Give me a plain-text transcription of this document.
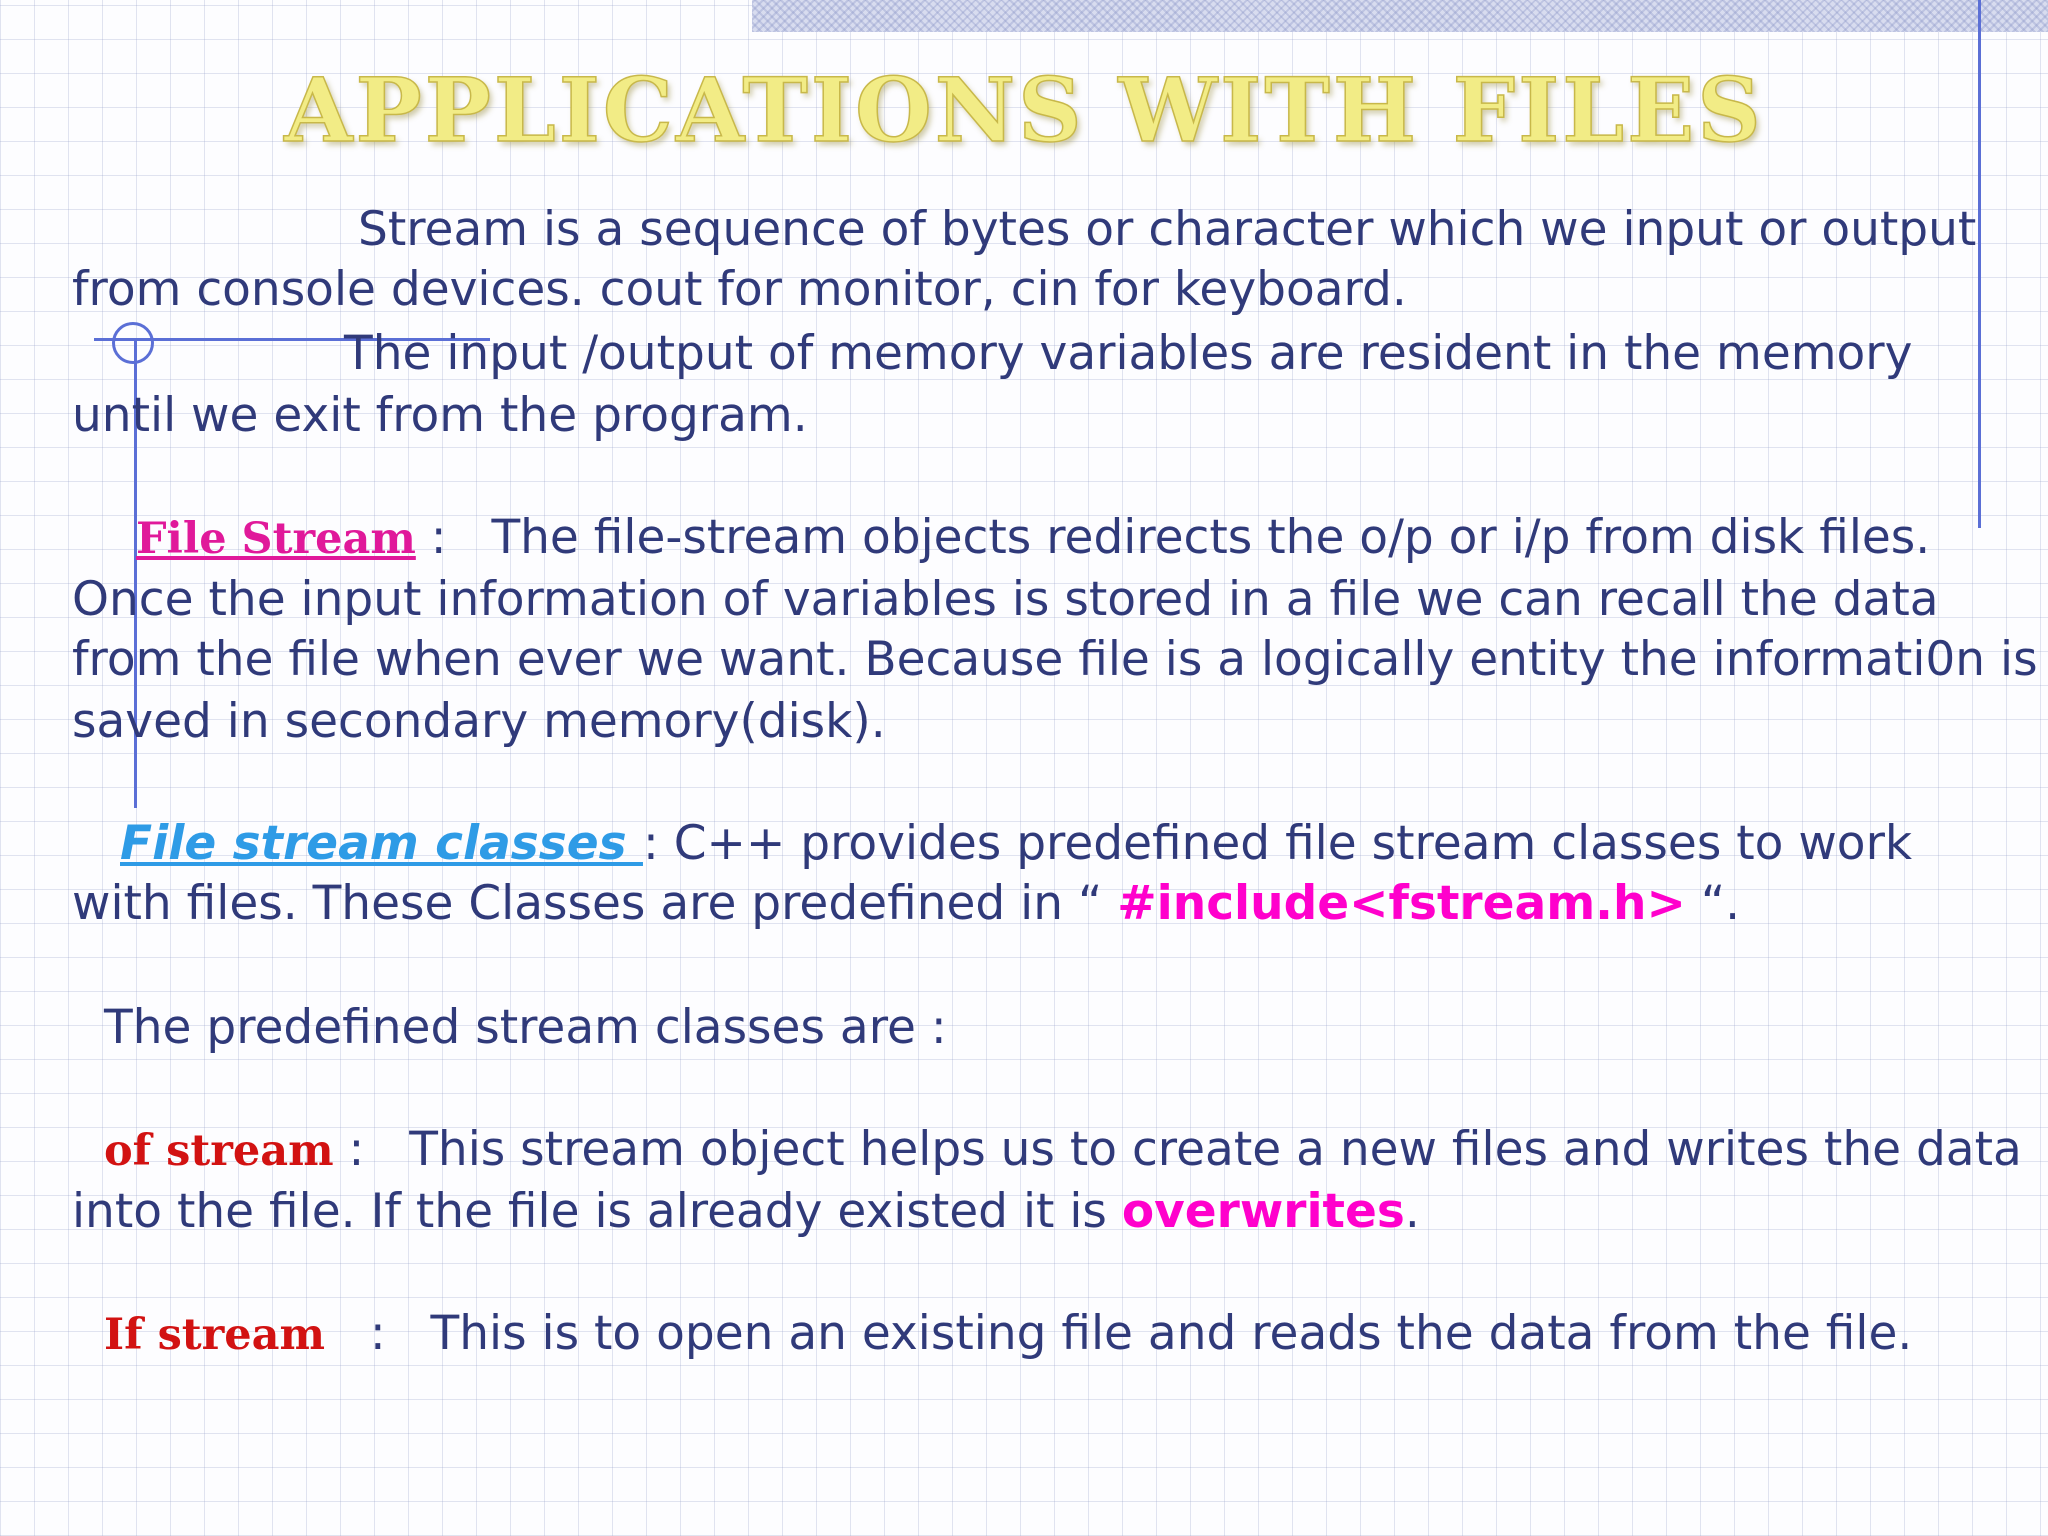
APPLICATIONS WITH FILES

Stream is a sequence of bytes or character which we input or output

from console devices. cout for monitor, cin for keyboard.

The input /output of memory variables are resident in the memory

until we exit from the program.

File Stream : The file-stream objects redirects the o/p or i/p from disk files.

Once the input information of variables is stored in a file we can recall the data

from the file when ever we want. Because file is a logically entity the informati0n is

saved in secondary memory(disk).

File stream classes : C++ provides predefined file stream classes to work

with files. These Classes are predefined in “ #include<fstream.h> “.

The predefined stream classes are :

of stream : This stream object helps us to create a new files and writes the data

into the file. If the file is already existed it is overwrites.

If stream : This is to open an existing file and reads the data from the file.
